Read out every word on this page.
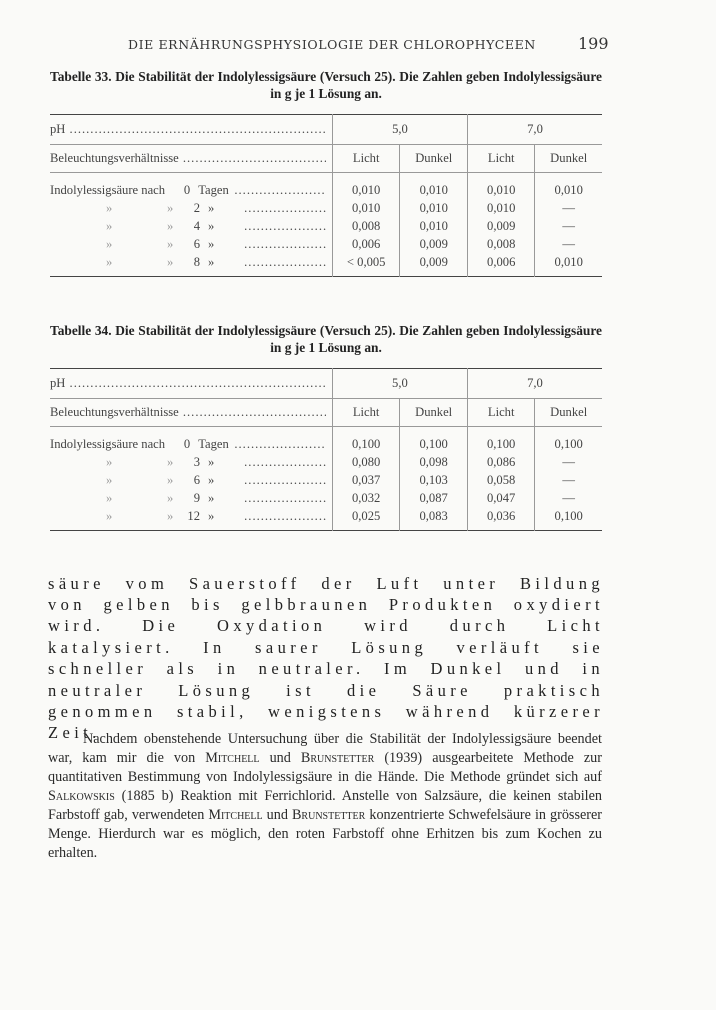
DIE ERNÄHRUNGSPHYSIOLOGIE DER CHLOROPHYCEEN	199
Tabelle 33. Die Stabilität der Indolylessigsäure (Versuch 25). Die Zahlen geben Indolylessigsäure in g je 1 Lösung an.
pH .....	5,0		7,0	

Beleuchtungsverhältnisse .....	Licht	Dunkel	Licht	Dunkel

Indolylessigsäure nach 0 Tagen .....	0,010	0,010	0,010	0,010

» » 2 » .....	0,010	0,010	0,010	—

» » 4 » .....	0,008	0,010	0,009	—

» » 6 » .....	0,006	0,009	0,008	—

» » 8 » .....	< 0,005	0,009	0,006	0,010

Tabelle 34. Die Stabilität der Indolylessigsäure (Versuch 25). Die Zahlen geben Indolylessigsäure in g je 1 Lösung an.
pH .....	5,0		7,0	

Beleuchtungsverhältnisse .....	Licht	Dunkel	Licht	Dunkel

Indolylessigsäure nach 0 Tagen .....	0,100	0,100	0,100	0,100

» » 3 » .....	0,080	0,098	0,086	—

» » 6 » .....	0,037	0,103	0,058	—

» » 9 » .....	0,032	0,087	0,047	—

» » 12 » .....	0,025	0,083	0,036	0,100

säure vom Sauerstoff der Luft unter Bildung von gelben bis gelbbraunen Produkten oxydiert wird. Die Oxydation wird durch Licht katalysiert. In saurer Lösung verläuft sie schneller als in neutraler. Im Dunkel und in neutraler Lösung ist die Säure praktisch genommen stabil, wenigstens während kürzerer Zeit.

Nachdem obenstehende Untersuchung über die Stabilität der Indolylessigsäure beendet war, kam mir die von Mitchell und Brunstetter (1939) ausgearbeitete Methode zur quantitativen Bestimmung von Indolylessigsäure in die Hände. Die Methode gründet sich auf Salkowskis (1885 b) Reaktion mit Ferrichlorid. Anstelle von Salzsäure, die keinen stabilen Farbstoff gab, verwendeten Mitchell und Brunstetter konzentrierte Schwefelsäure in grösserer Menge. Hierdurch war es möglich, den roten Farbstoff ohne Erhitzen bis zum Kochen zu erhalten.
